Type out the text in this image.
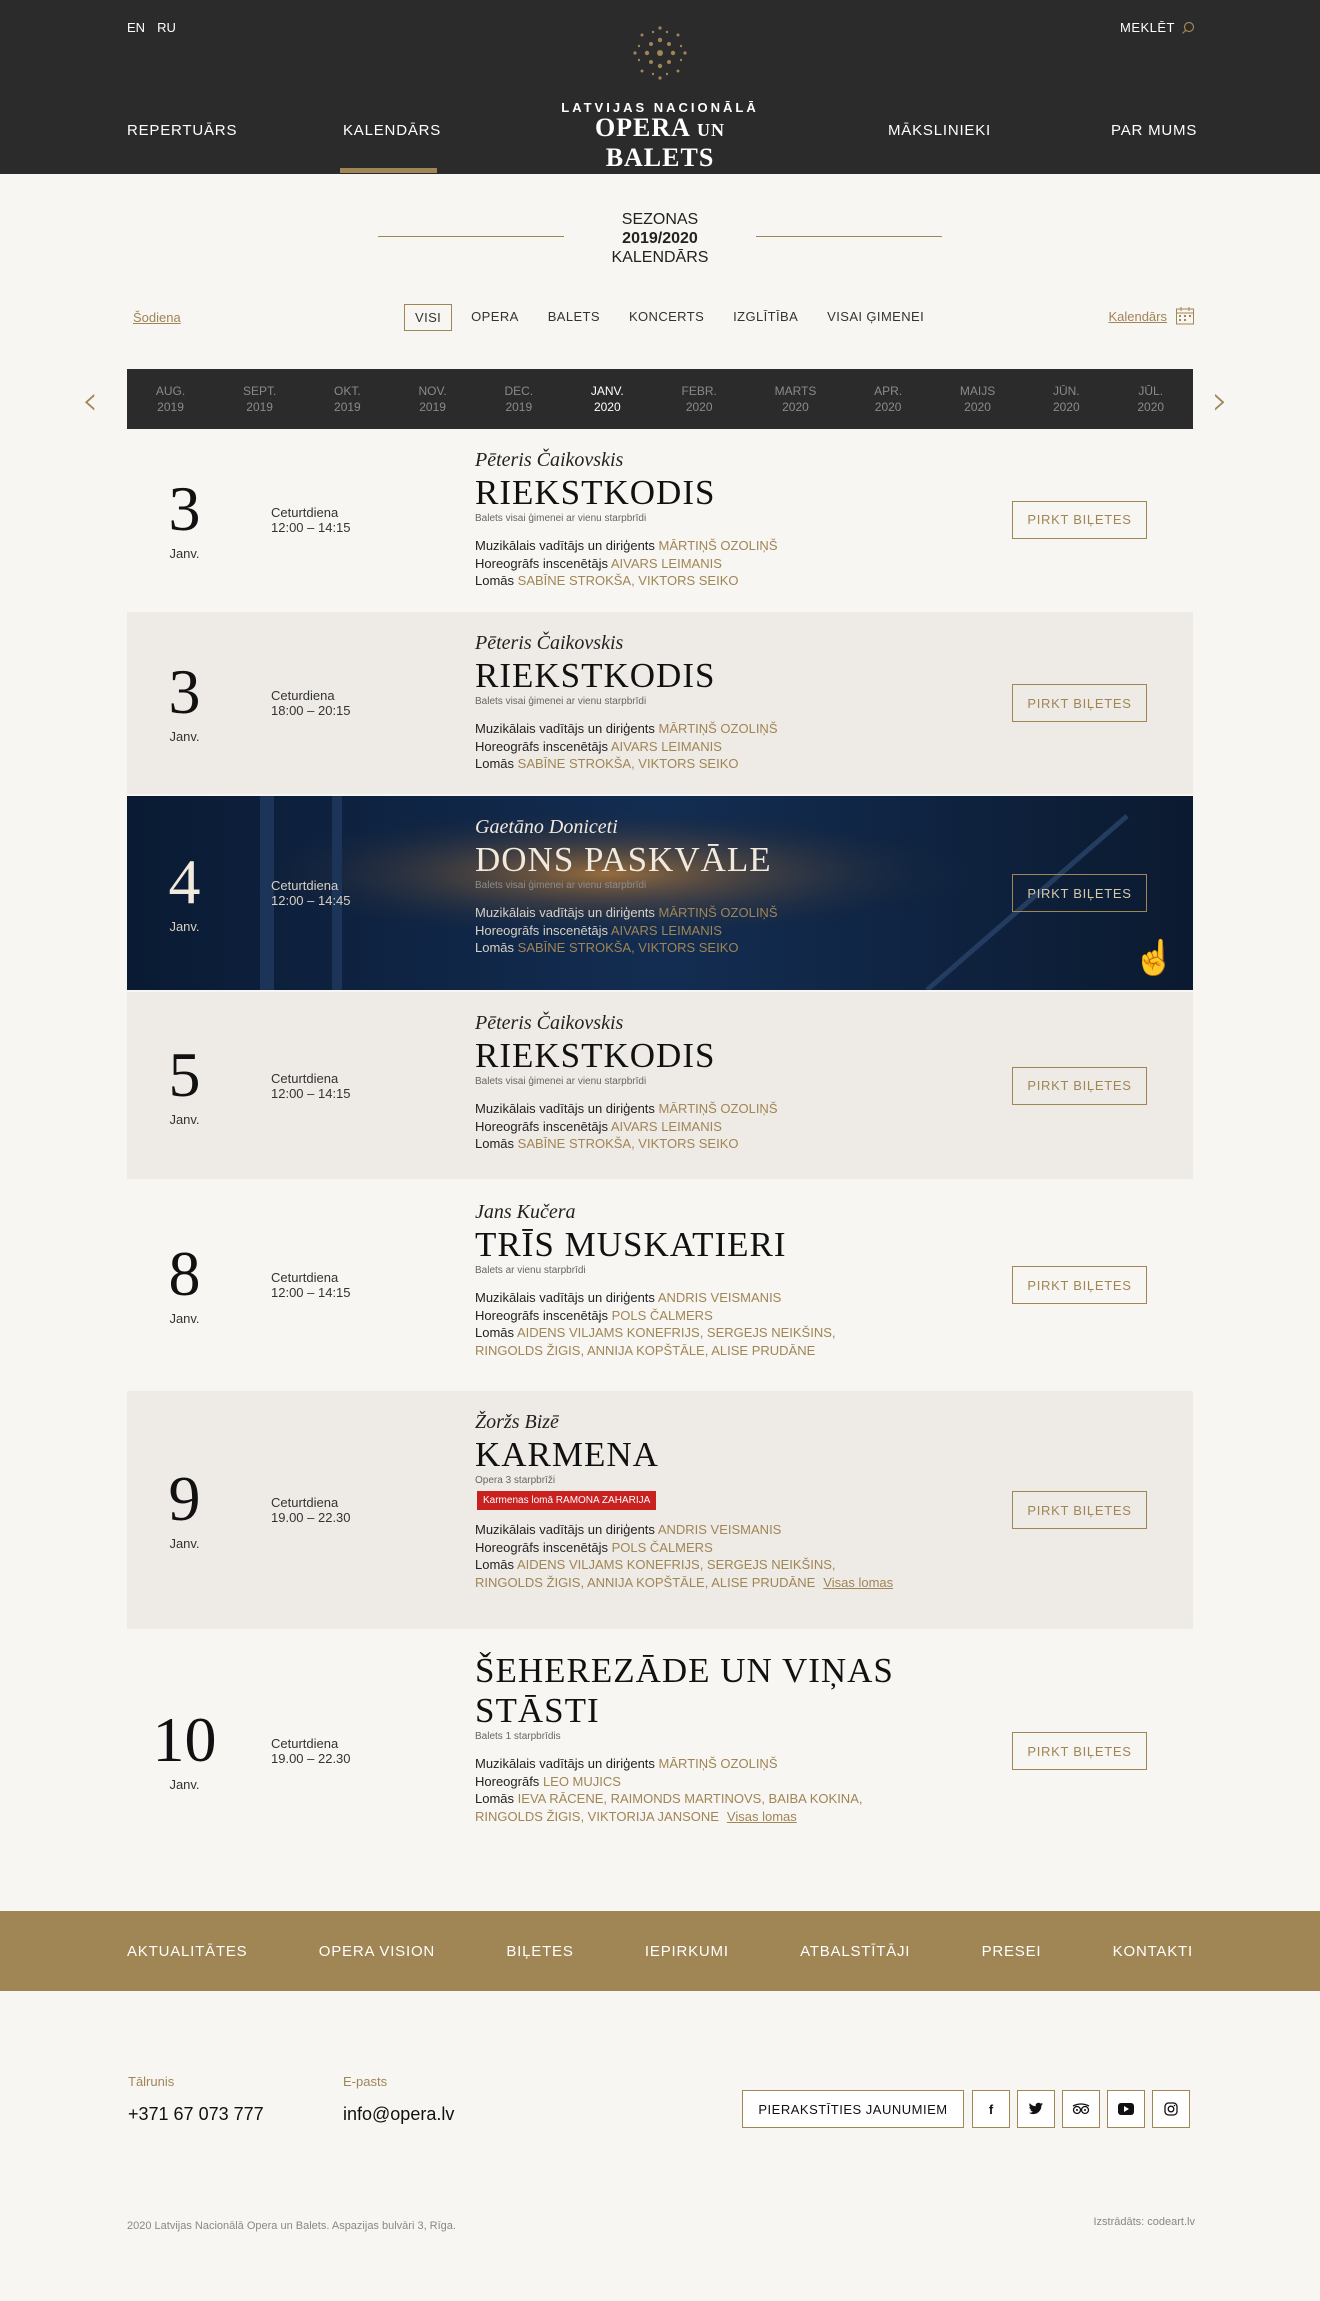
EN RU	MEKLĒT
REPERTUĀRS	KALENDĀRS	MĀKSLINIEKI	PAR MUMS
LATVIJAS NACIONĀLĀ
OPERA UN BALETS
SEZONAS
2019/2020
KALENDĀRS
Šodiena	VISI	OPERA	BALETS	KONCERTS	IZGLĪTĪBA	VISAI ĢIMENEI	Kalendārs
‹	AUG.
2019
SEPT.
2019
OKT.
2019
NOV.
2019
DEC.
2019
JANV.
2020
FEBR.
2020
MARTS
2020
APR.
2020
MAIJS
2020
JŪN.
2020
JŪL.
2020 ›
3
Janv.
Ceturtdiena
12:00 – 14:15
Pēteris Čaikovskis
RIEKSTKODIS
Balets visai ģimenei ar vienu starpbrīdi
Muzikālais vadītājs un diriģents MĀRTIŅŠ OZOLIŅŠ
Horeogrāfs inscenētājs AIVARS LEIMANIS
Lomās SABĪNE STROKŠA, VIKTORS SEIKO
PIRKT BIĻETES
3
Janv.
Ceturdiena
18:00 – 20:15
Pēteris Čaikovskis
RIEKSTKODIS
Balets visai ģimenei ar vienu starpbrīdi
Muzikālais vadītājs un diriģents MĀRTIŅŠ OZOLIŅŠ
Horeogrāfs inscenētājs AIVARS LEIMANIS
Lomās SABĪNE STROKŠA, VIKTORS SEIKO
PIRKT BIĻETES
4
Janv.
Ceturtdiena
12:00 – 14:45
Gaetāno Doniceti
DONS PASKVĀLE
Balets visai ģimenei ar vienu starpbrīdi
Muzikālais vadītājs un diriģents MĀRTIŅŠ OZOLIŅŠ
Horeogrāfs inscenētājs AIVARS LEIMANIS
Lomās SABĪNE STROKŠA, VIKTORS SEIKO
PIRKT BIĻETES
5
Janv.
Ceturtdiena
12:00 – 14:15
Pēteris Čaikovskis
RIEKSTKODIS
Balets visai ģimenei ar vienu starpbrīdi
Muzikālais vadītājs un diriģents MĀRTIŅŠ OZOLIŅŠ
Horeogrāfs inscenētājs AIVARS LEIMANIS
Lomās SABĪNE STROKŠA, VIKTORS SEIKO
PIRKT BIĻETES
8
Janv.
Ceturtdiena
12:00 – 14:15
Jans Kučera
TRĪS MUSKATIERI
Balets ar vienu starpbrīdi
Muzikālais vadītājs un diriģents ANDRIS VEISMANIS
Horeogrāfs inscenētājs POLS ČALMERS
Lomās AIDENS VILJAMS KONEFRIJS, SERGEJS NEIKŠINS,
RINGOLDS ŽIGIS, ANNIJA KOPŠTĀLE, ALISE PRUDĀNE
PIRKT BIĻETES
9
Janv.
Ceturtdiena
19.00 – 22.30
Žoržs Bizē
KARMENA
Opera 3 starpbrīži
Karmenas lomā RAMONA ZAHARIJA
Muzikālais vadītājs un diriģents ANDRIS VEISMANIS
Horeogrāfs inscenētājs POLS ČALMERS
Lomās AIDENS VILJAMS KONEFRIJS, SERGEJS NEIKŠINS,
RINGOLDS ŽIGIS, ANNIJA KOPŠTĀLE, ALISE PRUDĀNE Visas lomas
PIRKT BIĻETES
10
Janv.
Ceturtdiena
19.00 – 22.30
ŠEHEREZĀDE UN VIŅAS STĀSTI
Balets 1 starpbrīdis
Muzikālais vadītājs un diriģents MĀRTIŅŠ OZOLIŅŠ
Horeogrāfs LEO MUJICS
Lomās IEVA RĀCENE, RAIMONDS MARTINOVS, BAIBA KOKINA,
RINGOLDS ŽIGIS, VIKTORIJA JANSONE Visas lomas
PIRKT BIĻETES
☝
AKTUALITĀTES	OPERA VISION	BIĻETES	IEPIRKUMI	ATBALSTĪTĀJI	PRESEI	KONTAKTI
Tālrunis
+371 67 073 777
E-pasts
info@opera.lv	PIERAKSTĪTIES JAUNUMIEM	f
2020 Latvijas Nacionālā Opera un Balets. Aspazijas bulvāri 3, Rīga.	Izstrādāts: codeart.lv
